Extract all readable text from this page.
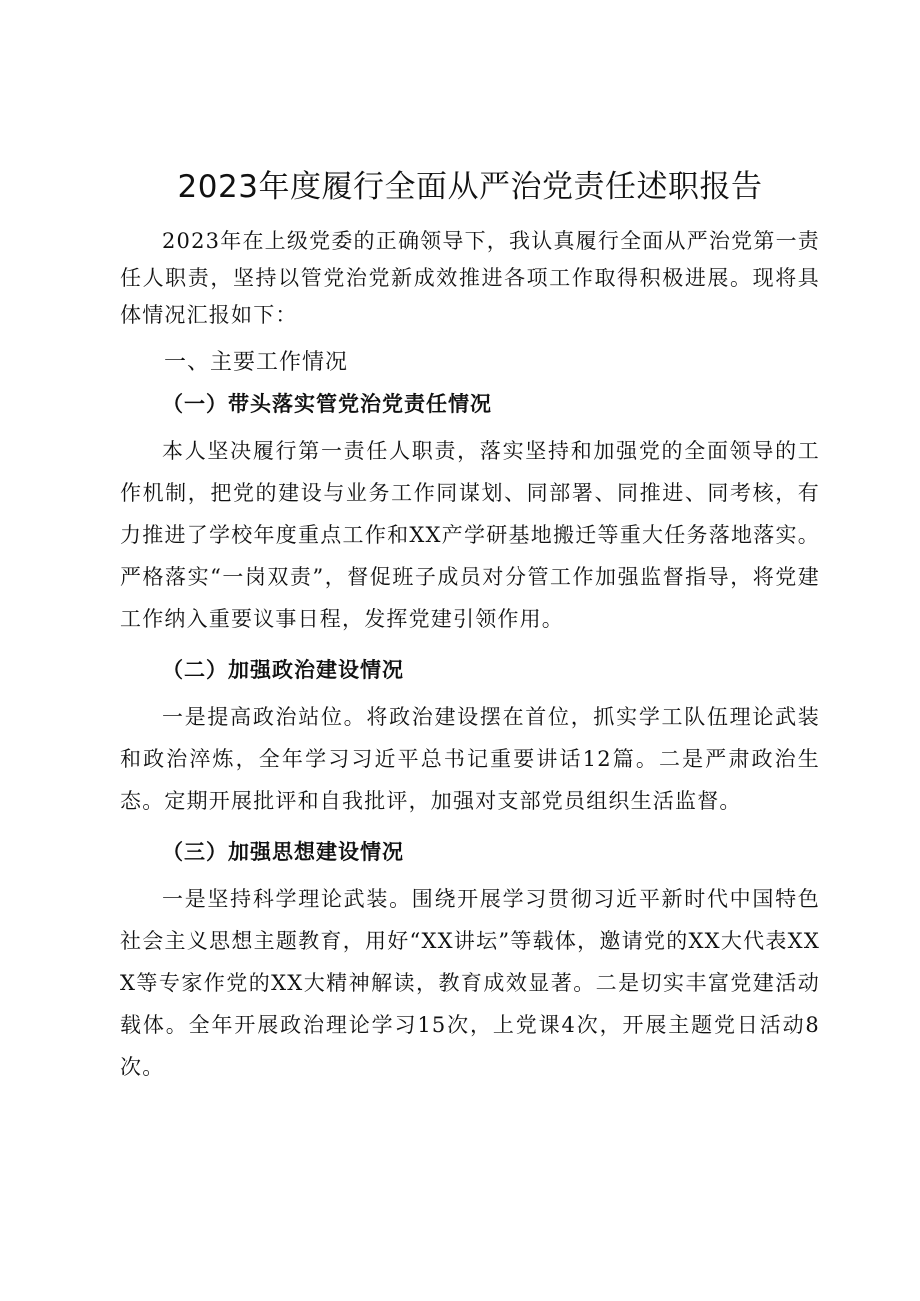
2023年度履行全面从严治党责任述职报告

2023年在上级党委的正确领导下，我认真履行全面从严治党第一责任人职责，坚持以管党治党新成效推进各项工作取得积极进展。现将具体情况汇报如下：

一、主要工作情况
（一）带头落实管党治党责任情况

本人坚决履行第一责任人职责，落实坚持和加强党的全面领导的工作机制，把党的建设与业务工作同谋划、同部署、同推进、同考核，有力推进了学校年度重点工作和XX产学研基地搬迁等重大任务落地落实。严格落实“一岗双责”，督促班子成员对分管工作加强监督指导，将党建工作纳入重要议事日程，发挥党建引领作用。

（二）加强政治建设情况

一是提高政治站位。将政治建设摆在首位，抓实学工队伍理论武装和政治淬炼，全年学习习近平总书记重要讲话12篇。二是严肃政治生态。定期开展批评和自我批评，加强对支部党员组织生活监督。

（三）加强思想建设情况

一是坚持科学理论武装。围绕开展学习贯彻习近平新时代中国特色社会主义思想主题教育，用好“XX讲坛”等载体，邀请党的XX大代表XXX等专家作党的XX大精神解读，教育成效显著。二是切实丰富党建活动载体。全年开展政治理论学习15次，上党课4次，开展主题党日活动8次。
